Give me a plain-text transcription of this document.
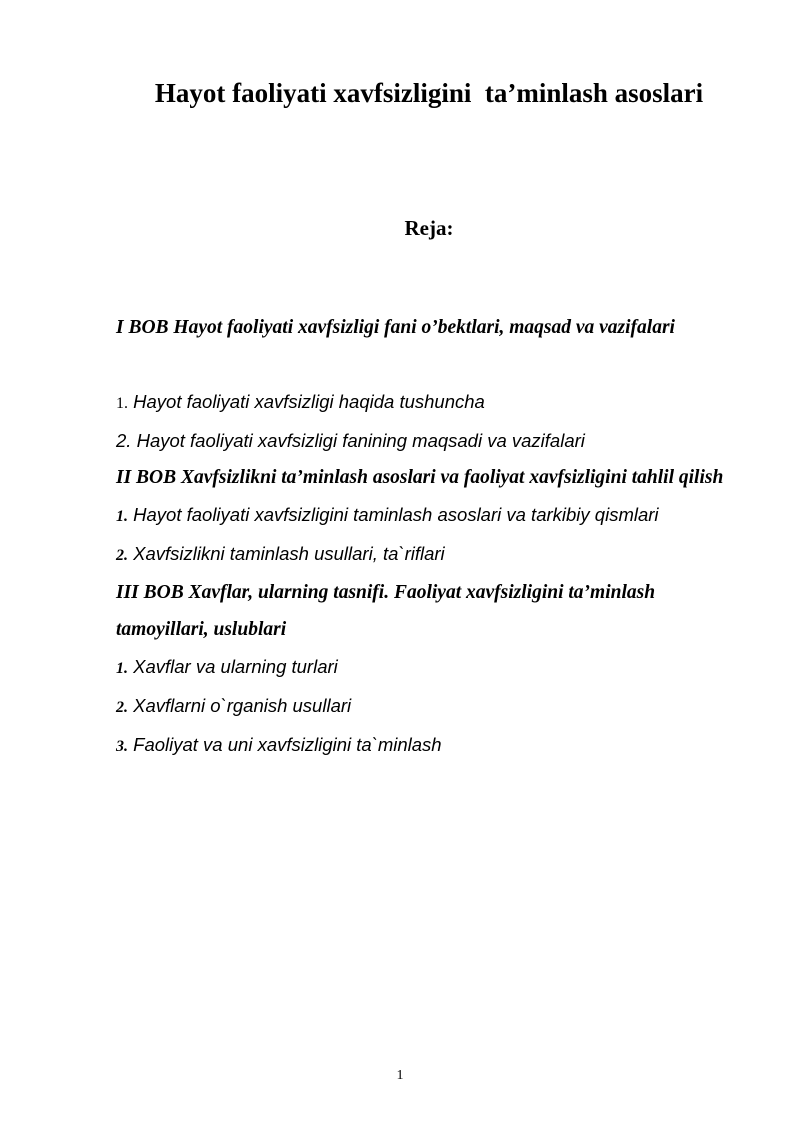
Hayot faoliyati xavfsizligini  ta’minlash asoslari
Reja:
I BOB Hayot faoliyati xavfsizligi fani o’bektlari, maqsad va vazifalari
1. Hayot faoliyati xavfsizligi haqida tushuncha
2. Hayot faoliyati xavfsizligi fanining maqsadi va vazifalari
II BOB Xavfsizlikni ta’minlash asoslari va faoliyat xavfsizligini tahlil qilish
1. Hayot faoliyati xavfsizligini taminlash asoslari va tarkibiy qismlari
2. Xavfsizlikni taminlash usullari, ta`riflari
III BOB Xavflar, ularning tasnifi. Faoliyat xavfsizligini ta’minlash tamoyillari, uslublari
1. Xavflar va ularning turlari
2. Xavflarni o`rganish usullari
3. Faoliyat va uni xavfsizligini ta`minlash
1
